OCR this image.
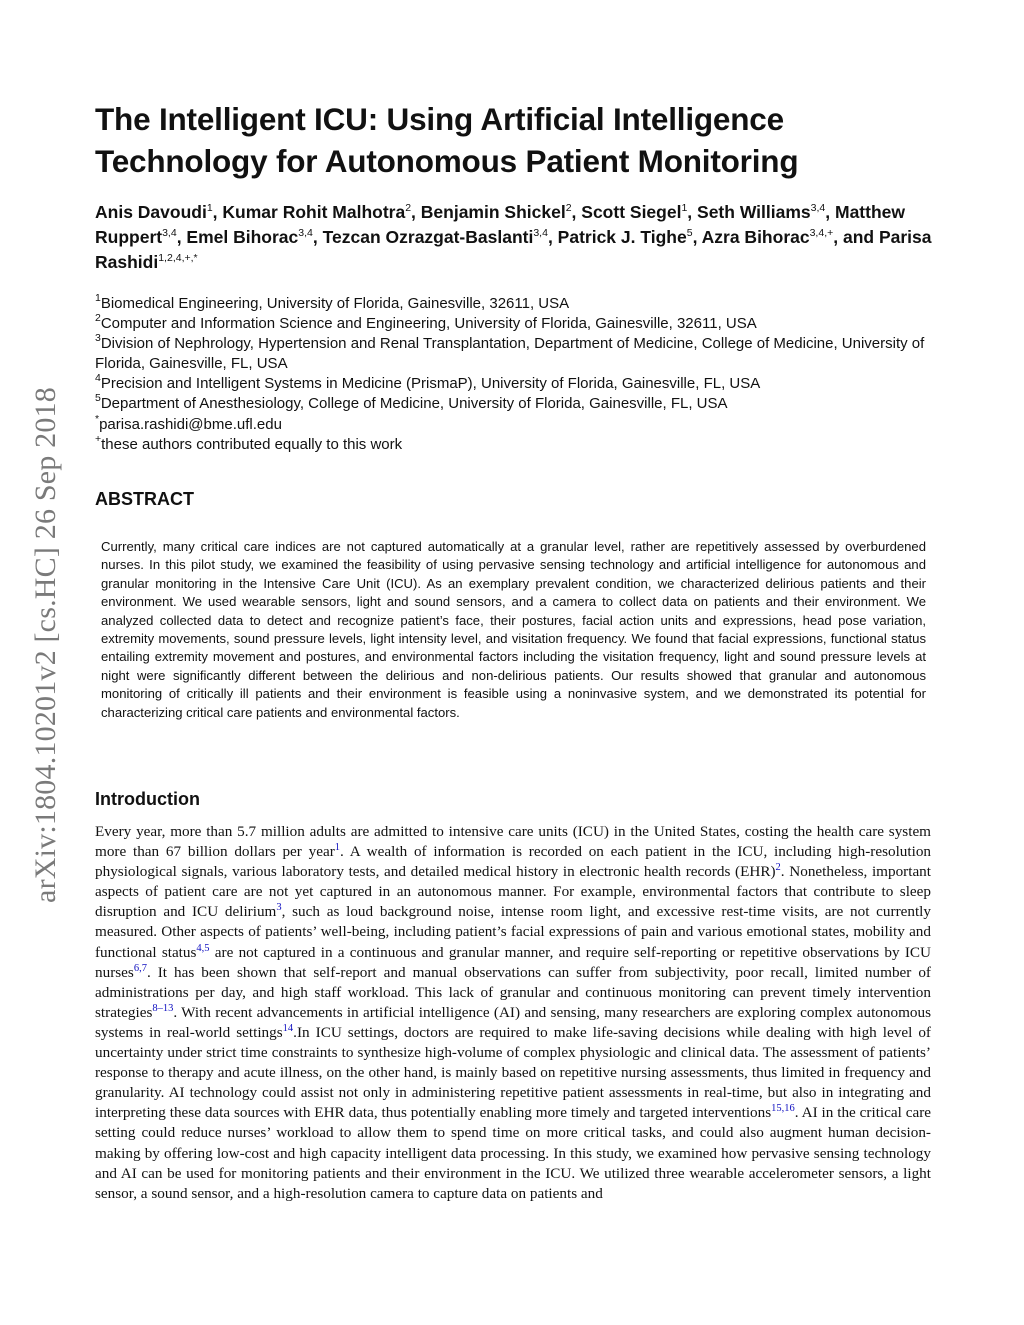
arXiv:1804.10201v2 [cs.HC] 26 Sep 2018
The Intelligent ICU: Using Artificial Intelligence
Technology for Autonomous Patient Monitoring
Anis Davoudi$^1$, Kumar Rohit Malhotra$^2$, Benjamin Shickel$^2$, Scott Siegel$^1$, Seth Williams$^{3,4}$, Matthew Ruppert$^{3,4}$, Emel Bihorac$^{3,4}$, Tezcan Ozrazgat-Baslanti$^{3,4}$, Patrick J. Tighe$^5$, Azra Bihorac$^{3,4,+}$, and Parisa Rashidi$^{1,2,4,+,*}$
$^1$Biomedical Engineering, University of Florida, Gainesville, 32611, USA
$^2$Computer and Information Science and Engineering, University of Florida, Gainesville, 32611, USA
$^3$Division of Nephrology, Hypertension and Renal Transplantation, Department of Medicine, College of Medicine, University of Florida, Gainesville, FL, USA
$^4$Precision and Intelligent Systems in Medicine (PrismaP), University of Florida, Gainesville, FL, USA
$^5$Department of Anesthesiology, College of Medicine, University of Florida, Gainesville, FL, USA
*parisa.rashidi@bme.ufl.edu
+these authors contributed equally to this work
ABSTRACT

Currently, many critical care indices are not captured automatically at a granular level, rather are repetitively assessed by overburdened nurses. In this pilot study, we examined the feasibility of using pervasive sensing technology and artificial intelligence for autonomous and granular monitoring in the Intensive Care Unit (ICU). As an exemplary prevalent condition, we characterized delirious patients and their environment. We used wearable sensors, light and sound sensors, and a camera to collect data on patients and their environment. We analyzed collected data to detect and recognize patient’s face, their postures, facial action units and expressions, head pose variation, extremity movements, sound pressure levels, light intensity level, and visitation frequency. We found that facial expressions, functional status entailing extremity movement and postures, and environmental factors including the visitation frequency, light and sound pressure levels at night were significantly different between the delirious and non-delirious patients. Our results showed that granular and autonomous monitoring of critically ill patients and their environment is feasible using a noninvasive system, and we demonstrated its potential for characterizing critical care patients and environmental factors.

Introduction

Every year, more than 5.7 million adults are admitted to intensive care units (ICU) in the United States, costing the health care system more than 67 billion dollars per year$^1$. A wealth of information is recorded on each patient in the ICU, including high-resolution physiological signals, various laboratory tests, and detailed medical history in electronic health records (EHR)$^2$. Nonetheless, important aspects of patient care are not yet captured in an autonomous manner. For example, environmental factors that contribute to sleep disruption and ICU delirium$^3$, such as loud background noise, intense room light, and excessive rest-time visits, are not currently measured. Other aspects of patients’ well-being, including patient’s facial expressions of pain and various emotional states, mobility and functional status$^{4,5}$ are not captured in a continuous and granular manner, and require self-reporting or repetitive observations by ICU nurses$^{6,7}$. It has been shown that self-report and manual observations can suffer from subjectivity, poor recall, limited number of administrations per day, and high staff workload. This lack of granular and continuous monitoring can prevent timely intervention strategies$^{8-13}$. With recent advancements in artificial intelligence (AI) and sensing, many researchers are exploring complex autonomous systems in real-world settings$^{14}$.In ICU settings, doctors are required to make life-saving decisions while dealing with high level of uncertainty under strict time constraints to synthesize high-volume of complex physiologic and clinical data. The assessment of patients’ response to therapy and acute illness, on the other hand, is mainly based on repetitive nursing assessments, thus limited in frequency and granularity. AI technology could assist not only in administering repetitive patient assessments in real-time, but also in integrating and interpreting these data sources with EHR data, thus potentially enabling more timely and targeted interventions$^{15,16}$. AI in the critical care setting could reduce nurses’ workload to allow them to spend time on more critical tasks, and could also augment human decision-making by offering low-cost and high capacity intelligent data processing. In this study, we examined how pervasive sensing technology and AI can be used for monitoring patients and their environment in the ICU. We utilized three wearable accelerometer sensors, a light sensor, a sound sensor, and a high-resolution camera to capture data on patients and
